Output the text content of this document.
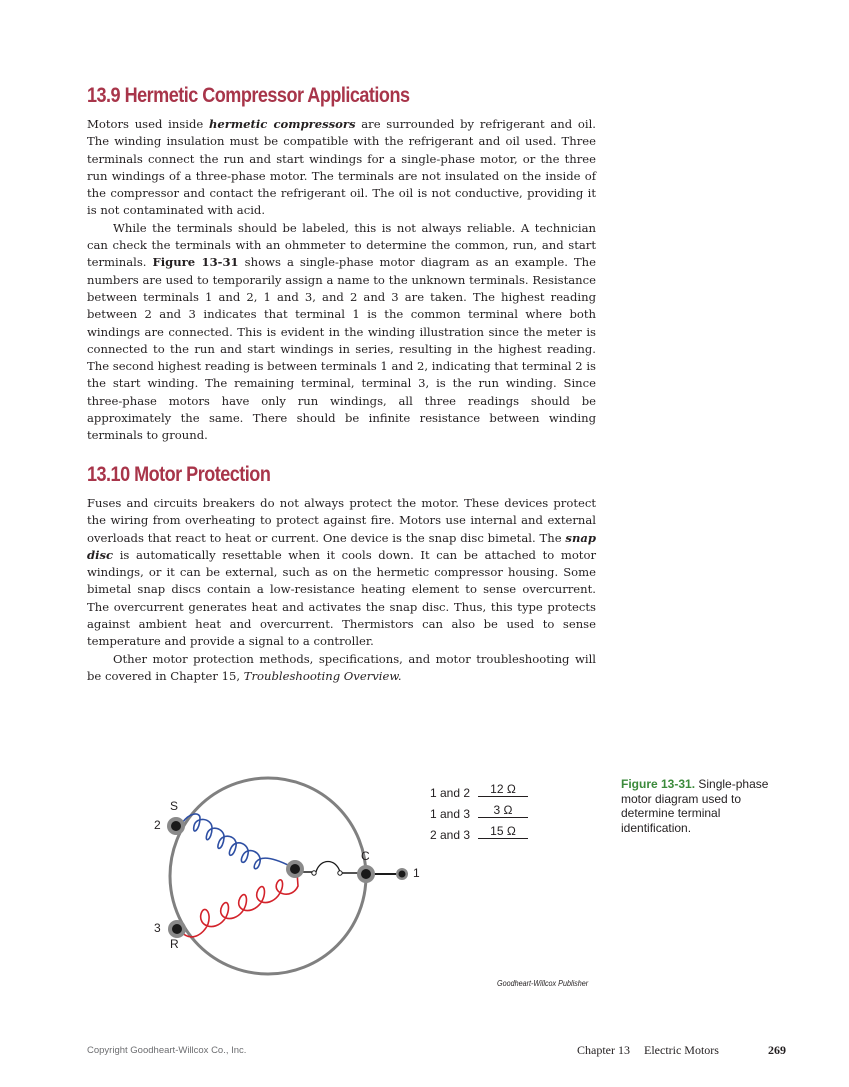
13.9 Hermetic Compressor Applications

Motors used inside hermetic compressors are surrounded by refrigerant and oil. The winding insulation must be compatible with the refrigerant and oil used. Three terminals connect the run and start windings for a single-phase motor, or the three run windings of a three-phase motor. The terminals are not insulated on the inside of the compressor and contact the refrigerant oil. The oil is not conductive, providing it is not contaminated with acid.

While the terminals should be labeled, this is not always reliable. A technician can check the terminals with an ohmmeter to determine the common, run, and start terminals. Figure 13-31 shows a single-phase motor diagram as an example. The numbers are used to temporarily assign a name to the unknown terminals. Resistance between terminals 1 and 2, 1 and 3, and 2 and 3 are taken. The highest reading between 2 and 3 indicates that terminal 1 is the common terminal where both windings are connected. This is evident in the winding illustration since the meter is connected to the run and start windings in series, resulting in the highest reading. The second highest reading is between terminals 1 and 2, indicating that terminal 2 is the start winding. The remaining terminal, terminal 3, is the run winding. Since three-phase motors have only run windings, all three readings should be approximately the same. There should be infinite resistance between winding terminals to ground.

13.10 Motor Protection

Fuses and circuits breakers do not always protect the motor. These devices protect the wiring from overheating to protect against fire. Motors use internal and external overloads that react to heat or current. One device is the snap disc bimetal. The snap disc is automatically resettable when it cools down. It can be attached to motor windings, or it can be external, such as on the hermetic compressor housing. Some bimetal snap discs contain a low-resistance heating element to sense overcurrent. The overcurrent generates heat and activates the snap disc. Thus, this type protects against ambient heat and overcurrent. Thermistors can also be used to sense temperature and provide a signal to a controller.

Other motor protection methods, specifications, and motor troubleshooting will be covered in Chapter 15, Troubleshooting Overview.

S
2
3
R
C
1
1 and 2 12 Ω
1 and 3 3 Ω
2 and 3 15 Ω
Figure 13-31. Single-phase motor diagram used to determine terminal identification.
Goodheart-Willcox Publisher
Copyright Goodheart-Willcox Co., Inc.	Chapter 13 Electric Motors	269
